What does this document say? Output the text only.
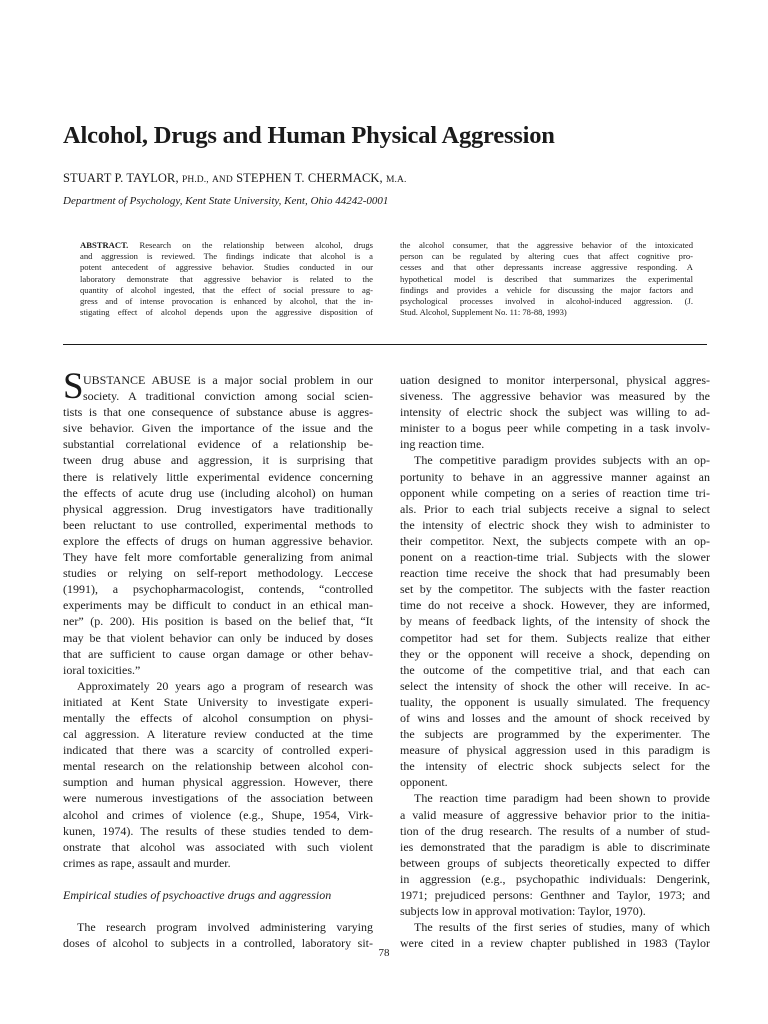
Alcohol, Drugs and Human Physical Aggression
STUART P. TAYLOR, PH.D., AND STEPHEN T. CHERMACK, M.A.
Department of Psychology, Kent State University, Kent, Ohio 44242-0001
ABSTRACT. Research on the relationship between alcohol, drugs
and aggression is reviewed. The findings indicate that alcohol is a
potent antecedent of aggressive behavior. Studies conducted in our
laboratory demonstrate that aggressive behavior is related to the
quantity of alcohol ingested, that the effect of social pressure to ag-
gress and of intense provocation is enhanced by alcohol, that the in-
stigating effect of alcohol depends upon the aggressive disposition of
the alcohol consumer, that the aggressive behavior of the intoxicated
person can be regulated by altering cues that affect cognitive pro-
cesses and that other depressants increase aggressive responding. A
hypothetical model is described that summarizes the experimental
findings and provides a vehicle for discussing the major factors and
psychological processes involved in alcohol-induced aggression. (J.
Stud. Alcohol, Supplement No. 11: 78-88, 1993)
S UBSTANCE ABUSE is a major social problem in our
society. A traditional conviction among social scien-
tists is that one consequence of substance abuse is aggres-
sive behavior. Given the importance of the issue and the
substantial correlational evidence of a relationship be-
tween drug abuse and aggression, it is surprising that
there is relatively little experimental evidence concerning
the effects of acute drug use (including alcohol) on human
physical aggression. Drug investigators have traditionally
been reluctant to use controlled, experimental methods to
explore the effects of drugs on human aggressive behavior.
They have felt more comfortable generalizing from animal
studies or relying on self-report methodology. Leccese
(1991), a psychopharmacologist, contends, “controlled
experiments may be difficult to conduct in an ethical man-
ner” (p. 200). His position is based on the belief that, “It
may be that violent behavior can only be induced by doses
that are sufficient to cause organ damage or other behav-
ioral toxicities.”
Approximately 20 years ago a program of research was
initiated at Kent State University to investigate experi-
mentally the effects of alcohol consumption on physi-
cal aggression. A literature review conducted at the time
indicated that there was a scarcity of controlled experi-
mental research on the relationship between alcohol con-
sumption and human physical aggression. However, there
were numerous investigations of the association between
alcohol and crimes of violence (e.g., Shupe, 1954, Virk-
kunen, 1974). The results of these studies tended to dem-
onstrate that alcohol was associated with such violent
crimes as rape, assault and murder.
Empirical studies of psychoactive drugs and aggression
The research program involved administering varying
doses of alcohol to subjects in a controlled, laboratory sit-
uation designed to monitor interpersonal, physical aggres-
siveness. The aggressive behavior was measured by the
intensity of electric shock the subject was willing to ad-
minister to a bogus peer while competing in a task involv-
ing reaction time.
The competitive paradigm provides subjects with an op-
portunity to behave in an aggressive manner against an
opponent while competing on a series of reaction time tri-
als. Prior to each trial subjects receive a signal to select
the intensity of electric shock they wish to administer to
their competitor. Next, the subjects compete with an op-
ponent on a reaction-time trial. Subjects with the slower
reaction time receive the shock that had presumably been
set by the competitor. The subjects with the faster reaction
time do not receive a shock. However, they are informed,
by means of feedback lights, of the intensity of shock the
competitor had set for them. Subjects realize that either
they or the opponent will receive a shock, depending on
the outcome of the competitive trial, and that each can
select the intensity of shock the other will receive. In ac-
tuality, the opponent is usually simulated. The frequency
of wins and losses and the amount of shock received by
the subjects are programmed by the experimenter. The
measure of physical aggression used in this paradigm is
the intensity of electric shock subjects select for the
opponent.
The reaction time paradigm had been shown to provide
a valid measure of aggressive behavior prior to the initia-
tion of the drug research. The results of a number of stud-
ies demonstrated that the paradigm is able to discriminate
between groups of subjects theoretically expected to differ
in aggression (e.g., psychopathic individuals: Dengerink,
1971; prejudiced persons: Genthner and Taylor, 1973; and
subjects low in approval motivation: Taylor, 1970).
The results of the first series of studies, many of which
were cited in a review chapter published in 1983 (Taylor
78
